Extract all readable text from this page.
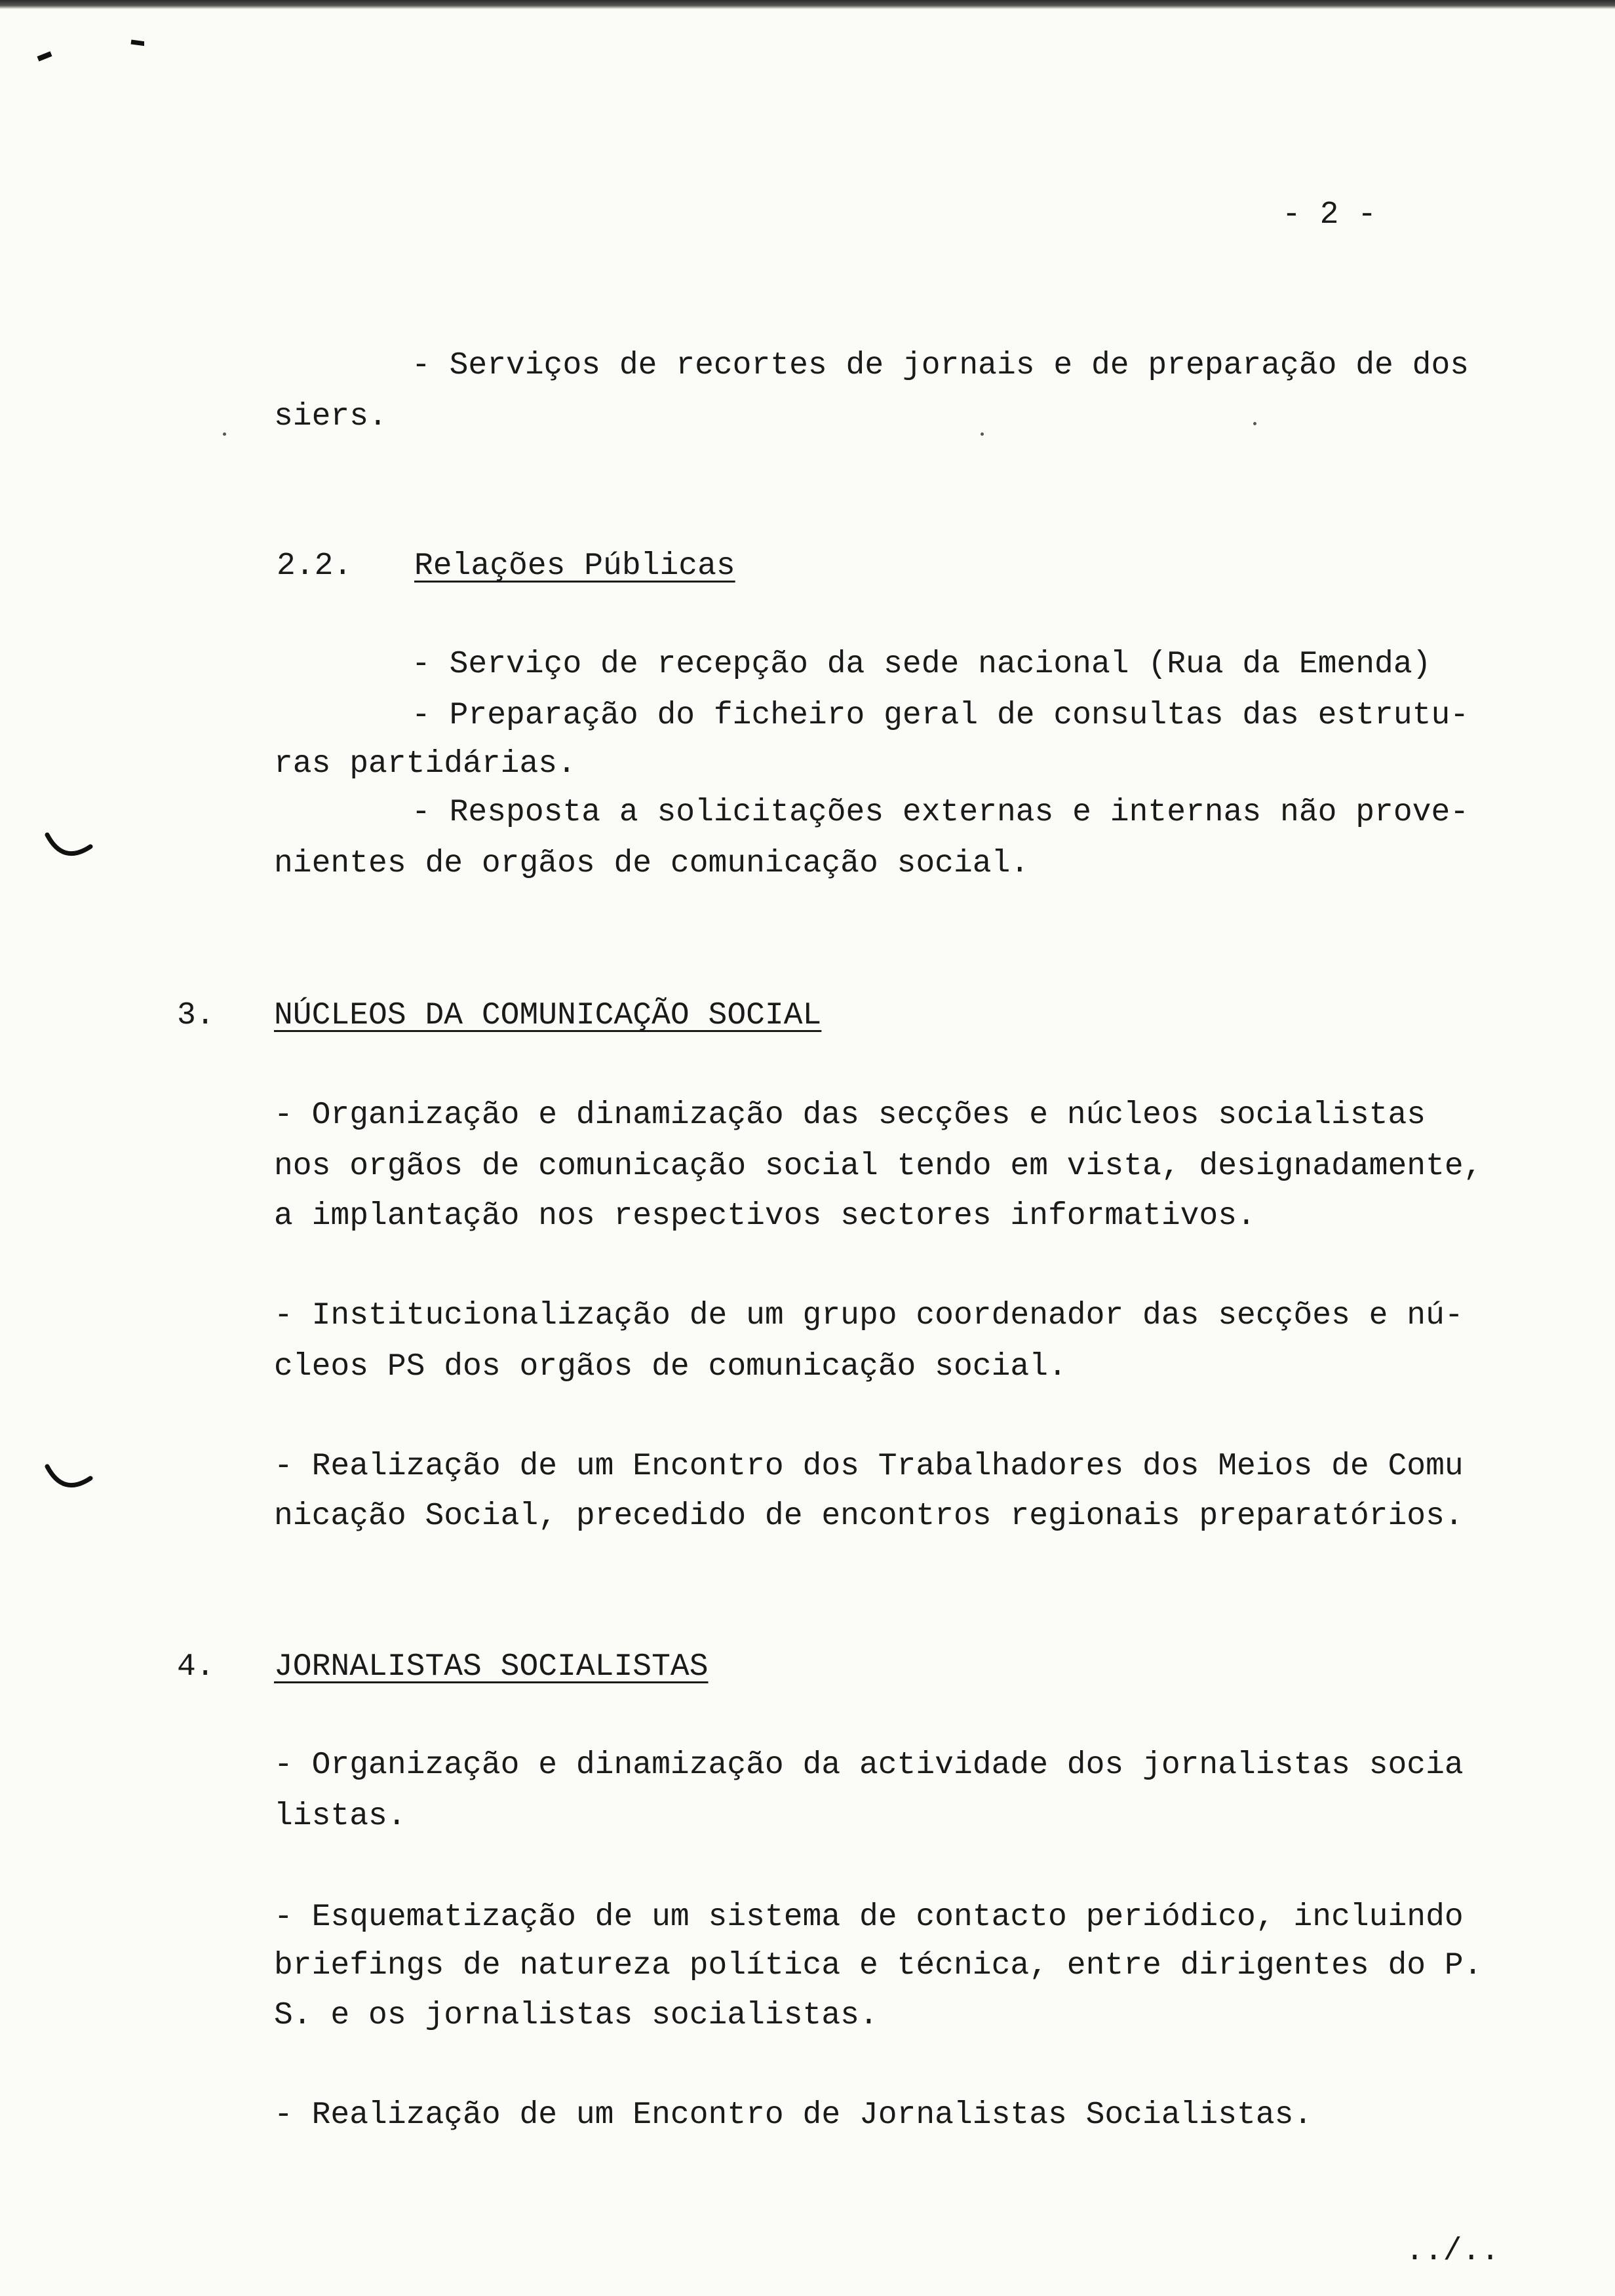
- 2 -

- Serviços de recortes de jornais e de preparação de dos

siers.

2.2. Relações Públicas

- Serviço de recepção da sede nacional (Rua da Emenda)

- Preparação do ficheiro geral de consultas das estrutu-

ras partidárias.

- Resposta a solicitações externas e internas não prove-

nientes de orgãos de comunicação social.

3. NÚCLEOS DA COMUNICAÇÃO SOCIAL

- Organização e dinamização das secções e núcleos socialistas

nos orgãos de comunicação social tendo em vista, designadamente,

a implantação nos respectivos sectores informativos.

- Institucionalização de um grupo coordenador das secções e nú-

cleos PS dos orgãos de comunicação social.

- Realização de um Encontro dos Trabalhadores dos Meios de Comu

nicação Social, precedido de encontros regionais preparatórios.

4. JORNALISTAS SOCIALISTAS

- Organização e dinamização da actividade dos jornalistas socia

listas.

- Esquematização de um sistema de contacto periódico, incluindo

briefings de natureza política e técnica, entre dirigentes do P.

S. e os jornalistas socialistas.

- Realização de um Encontro de Jornalistas Socialistas.

../..
